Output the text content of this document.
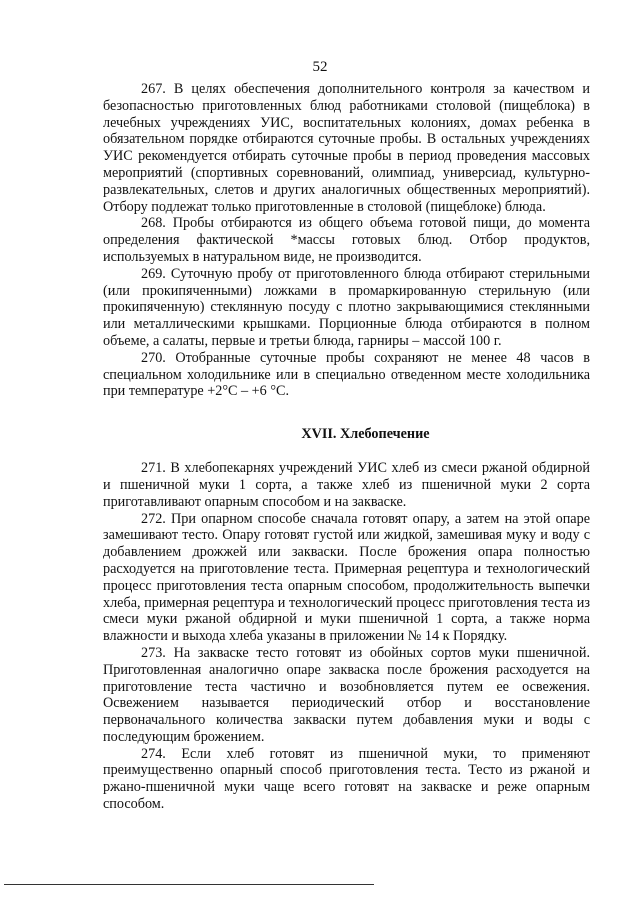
52

267. В целях обеспечения дополнительного контроля за качеством и безопасностью приготовленных блюд работниками столовой (пищеблока) в лечебных учреждениях УИС, воспитательных колониях, домах ребенка в обязательном порядке отбираются суточные пробы. В остальных учреждениях УИС рекомендуется отбирать суточные пробы в период проведения массовых мероприятий (спортивных соревнований, олимпиад, универсиад, культурно-развлекательных, слетов и других аналогичных общественных мероприятий). Отбору подлежат только приготовленные в столовой (пищеблоке) блюда.

268. Пробы отбираются из общего объема готовой пищи, до момента определения фактической *массы готовых блюд. Отбор продуктов, используемых в натуральном виде, не производится.

269. Суточную пробу от приготовленного блюда отбирают стерильными (или прокипяченными) ложками в промаркированную стерильную (или прокипяченную) стеклянную посуду с плотно закрывающимися стеклянными или металлическими крышками. Порционные блюда отбираются в полном объеме, а салаты, первые и третьи блюда, гарниры – массой 100 г.

270. Отобранные суточные пробы сохраняют не менее 48 часов в специальном холодильнике или в специально отведенном месте холодильника при температуре +2°С – +6 °С.

XVII. Хлебопечение

271. В хлебопекарнях учреждений УИС хлеб из смеси ржаной обдирной и пшеничной муки 1 сорта, а также хлеб из пшеничной муки 2 сорта приготавливают опарным способом и на закваске.

272. При опарном способе сначала готовят опару, а затем на этой опаре замешивают тесто. Опару готовят густой или жидкой, замешивая муку и воду с добавлением дрожжей или закваски. После брожения опара полностью расходуется на приготовление теста. Примерная рецептура и технологический процесс приготовления теста опарным способом, продолжительность выпечки хлеба, примерная рецептура и технологический процесс приготовления теста из смеси муки ржаной обдирной и муки пшеничной 1 сорта, а также норма влажности и выхода хлеба указаны в приложении № 14 к Порядку.

273. На закваске тесто готовят из обойных сортов муки пшеничной. Приготовленная аналогично опаре закваска после брожения расходуется на приготовление теста частично и возобновляется путем ее освежения. Освежением называется периодический отбор и восстановление первоначального количества закваски путем добавления муки и воды с последующим брожением.

274. Если хлеб готовят из пшеничной муки, то применяют преимущественно опарный способ приготовления теста. Тесто из ржаной и ржано-пшеничной муки чаще всего готовят на закваске и реже опарным способом.
